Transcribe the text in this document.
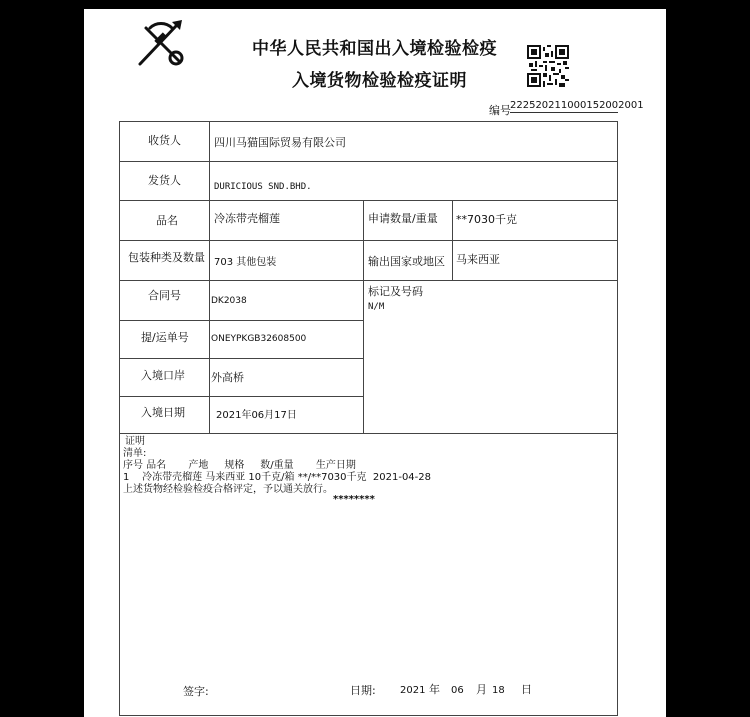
中华人民共和国出入境检验检疫
入境货物检验检疫证明
编号 222520211000152002001
收货人	四川马猫国际贸易有限公司
发货人	DURICIOUS SND.BHD.
品名	冷冻带壳榴莲	申请数量/重量 **7030千克
包装种类及数量 703 其他包装	输出国家或地区 马来西亚
合同号	DK2038
标记及号码
N/M
提/运单号 ONEYPKGB32608500
入境口岸 外高桥
入境日期	2021年06月17日
证明
清单:
序号 品名       产地     规格     数/重量       生产日期
1    冷冻带壳榴莲 马来西亚 10千克/箱 **/**7030千克  2021-04-28
上述货物经检验检疫合格评定，予以通关放行。
********
签字:	日期: 2021 年 06 月 18 日
